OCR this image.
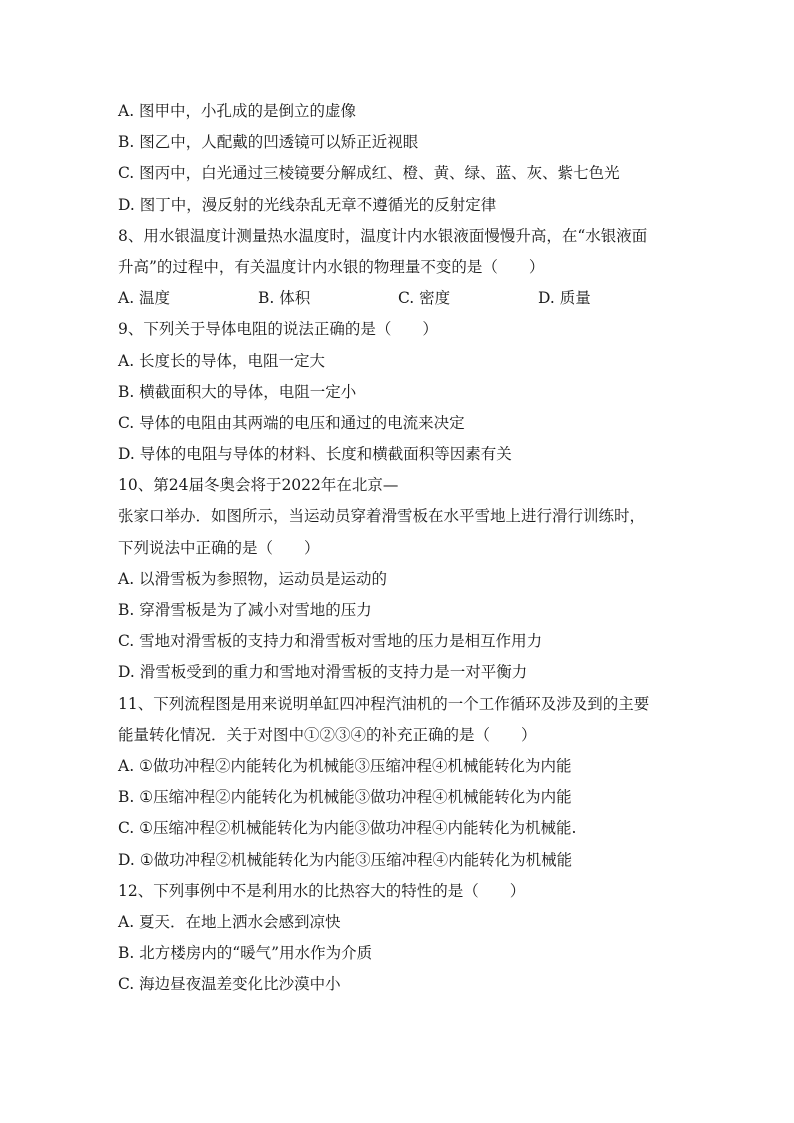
A. 图甲中，小孔成的是倒立的虚像
B. 图乙中，人配戴的凹透镜可以矫正近视眼
C. 图丙中，白光通过三棱镜要分解成红、橙、黄、绿、蓝、灰、紫七色光
D. 图丁中，漫反射的光线杂乱无章不遵循光的反射定律
8、用水银温度计测量热水温度时，温度计内水银液面慢慢升高，在“水银液面
升高”的过程中，有关温度计内水银的物理量不变的是（　　）
A. 温度	B. 体积	C. 密度	D. 质量
9、下列关于导体电阻的说法正确的是（　　）
A. 长度长的导体，电阻一定大
B. 横截面积大的导体，电阻一定小
C. 导体的电阻由其两端的电压和通过的电流来决定
D. 导体的电阻与导体的材料、长度和横截面积等因素有关
10、第24届冬奥会将于2022年在北京—
张家口举办．如图所示，当运动员穿着滑雪板在水平雪地上进行滑行训练时，
下列说法中正确的是（　　）
A. 以滑雪板为参照物，运动员是运动的
B. 穿滑雪板是为了减小对雪地的压力
C. 雪地对滑雪板的支持力和滑雪板对雪地的压力是相互作用力
D. 滑雪板受到的重力和雪地对滑雪板的支持力是一对平衡力
11、下列流程图是用来说明单缸四冲程汽油机的一个工作循环及涉及到的主要
能量转化情况．关于对图中①②③④的补充正确的是（　　）
A. ①做功冲程②内能转化为机械能③压缩冲程④机械能转化为内能
B. ①压缩冲程②内能转化为机械能③做功冲程④机械能转化为内能
C. ①压缩冲程②机械能转化为内能③做功冲程④内能转化为机械能.
D. ①做功冲程②机械能转化为内能③压缩冲程④内能转化为机械能
12、下列事例中不是利用水的比热容大的特性的是（　　）
A. 夏天．在地上洒水会感到凉快
B. 北方楼房内的“暖气”用水作为介质
C. 海边昼夜温差变化比沙漠中小
